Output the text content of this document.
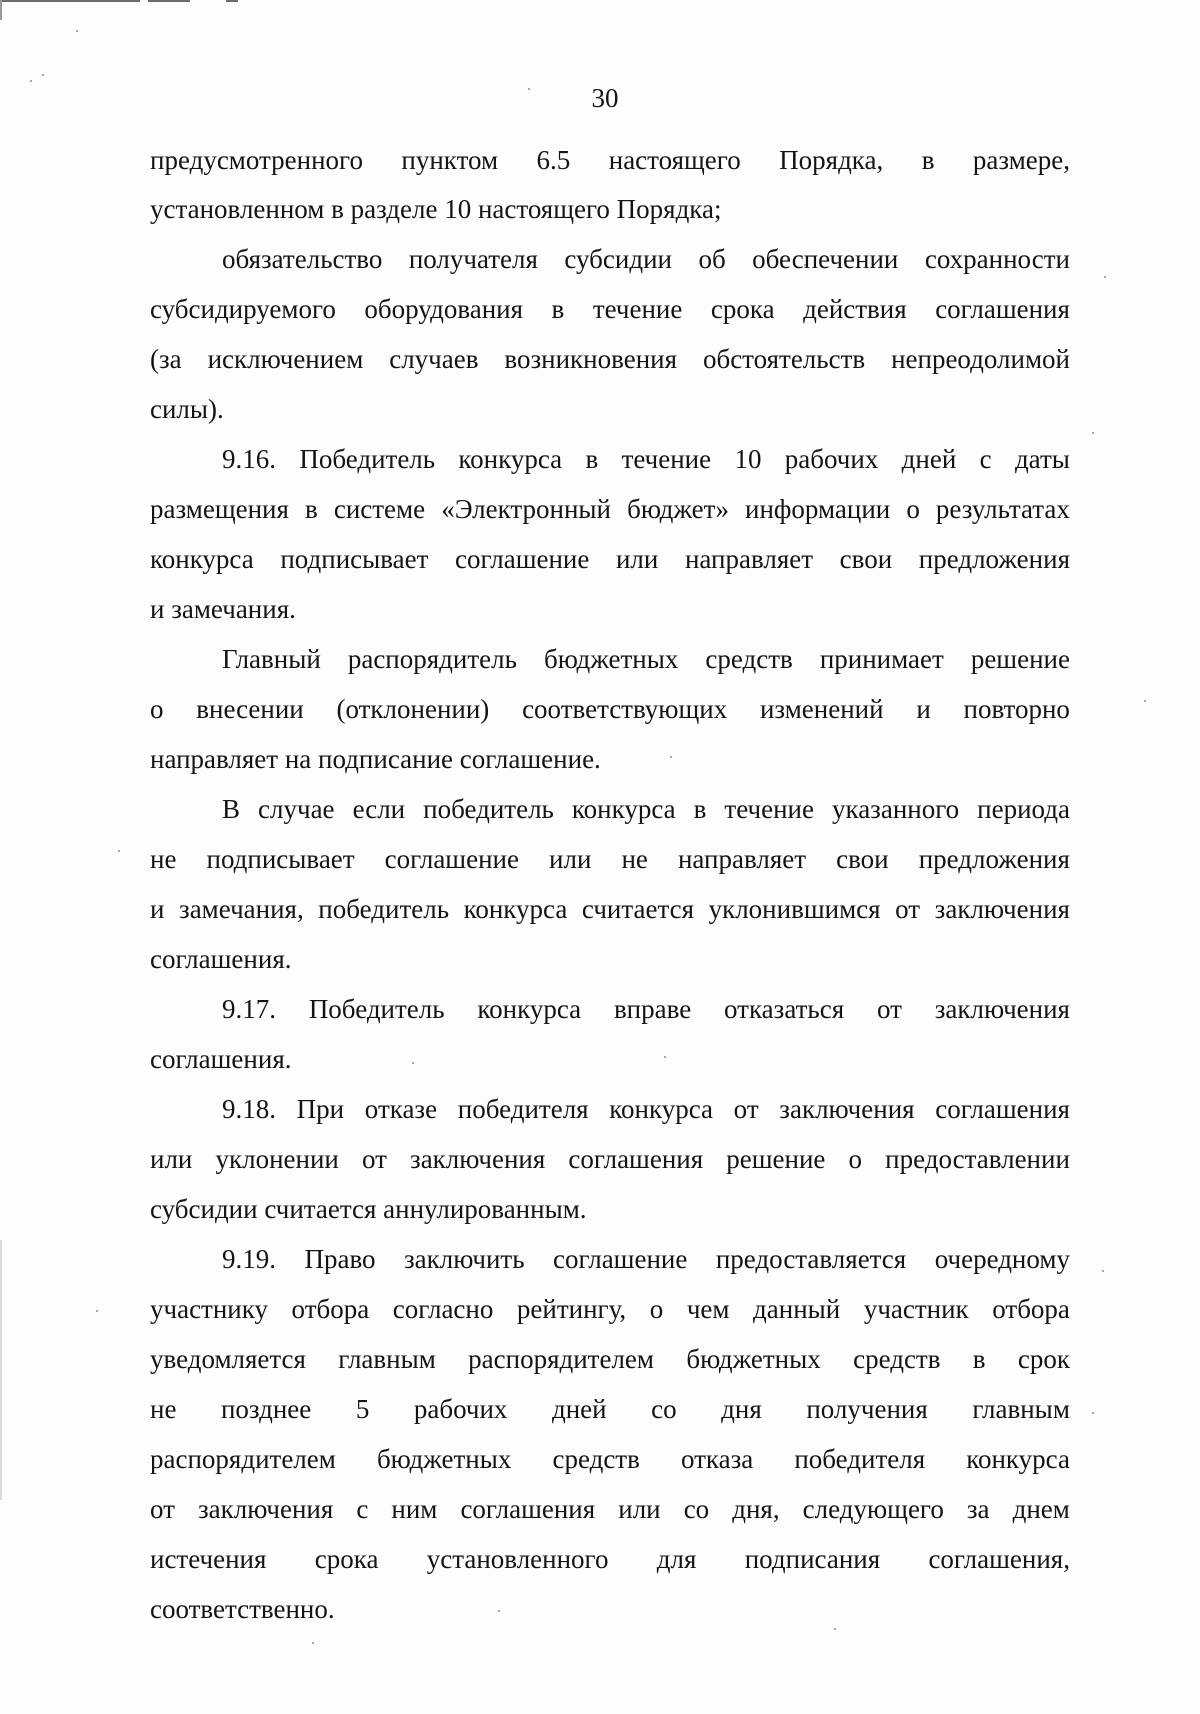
30
предусмотренного пунктом 6.5 настоящего Порядка, в размере,
установленном в разделе 10 настоящего Порядка;
обязательство получателя субсидии об обеспечении сохранности
субсидируемого оборудования в течение срока действия соглашения
(за исключением случаев возникновения обстоятельств непреодолимой
силы).
9.16. Победитель конкурса в течение 10 рабочих дней с даты
размещения в системе «Электронный бюджет» информации о результатах
конкурса подписывает соглашение или направляет свои предложения
и замечания.
Главный распорядитель бюджетных средств принимает решение
о внесении (отклонении) соответствующих изменений и повторно
направляет на подписание соглашение.
В случае если победитель конкурса в течение указанного периода
не подписывает соглашение или не направляет свои предложения
и замечания, победитель конкурса считается уклонившимся от заключения
соглашения.
9.17. Победитель конкурса вправе отказаться от заключения
соглашения.
9.18. При отказе победителя конкурса от заключения соглашения
или уклонении от заключения соглашения решение о предоставлении
субсидии считается аннулированным.
9.19. Право заключить соглашение предоставляется очередному
участнику отбора согласно рейтингу, о чем данный участник отбора
уведомляется главным распорядителем бюджетных средств в срок
не позднее 5 рабочих дней со дня получения главным
распорядителем бюджетных средств отказа победителя конкурса
от заключения с ним соглашения или со дня, следующего за днем
истечения срока установленного для подписания соглашения,
соответственно.
